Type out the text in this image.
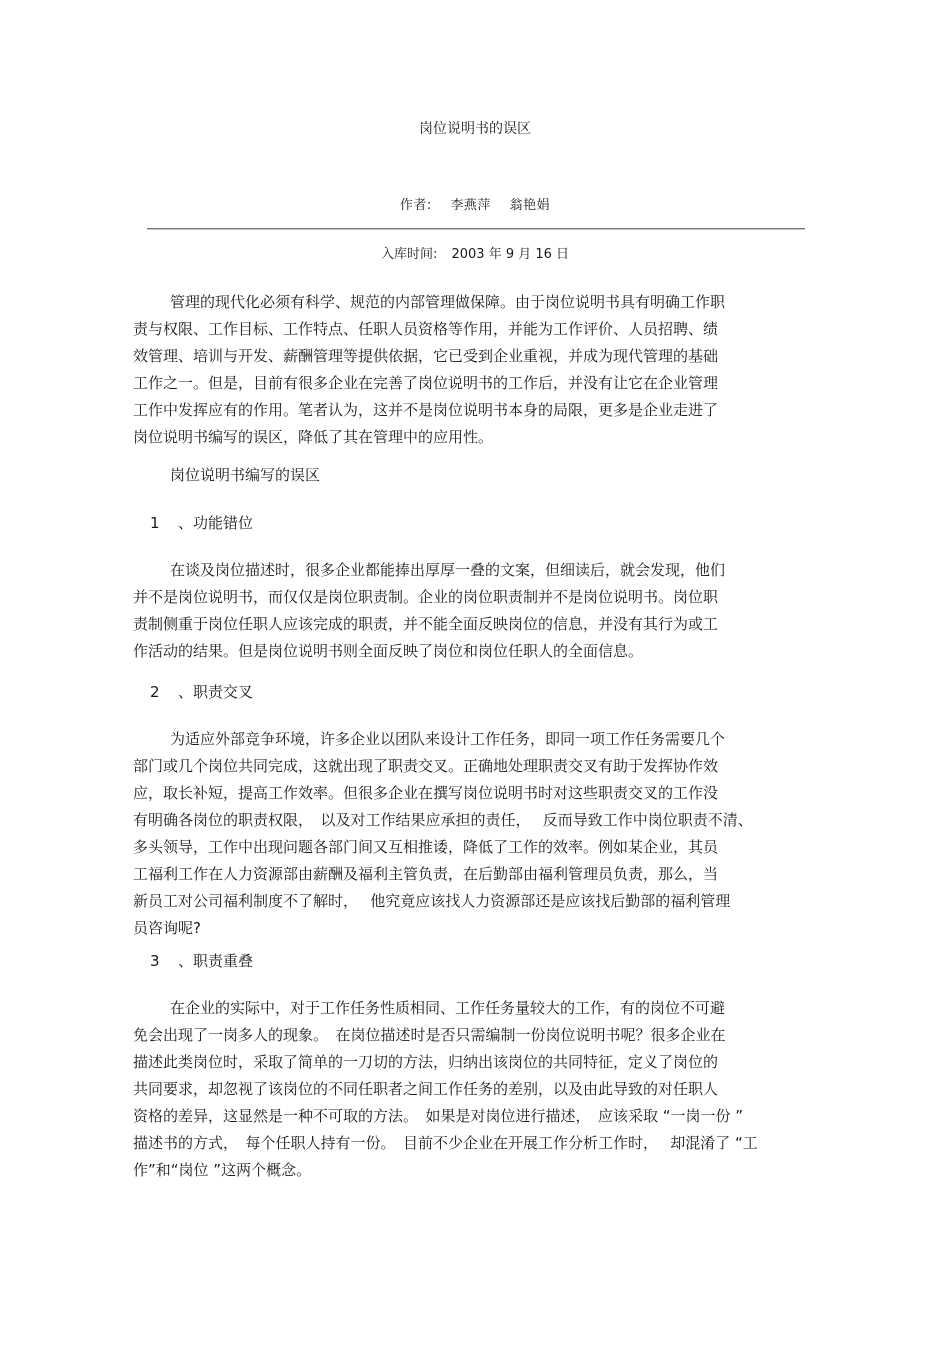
岗位说明书的误区
作者: 李燕萍 翁艳娟
入库时间: 2003 年 9 月 16 日

管理的现代化必须有科学、规范的内部管理做保障。由于岗位说明书具有明确工作职
责与权限、工作目标、工作特点、任职人员资格等作用，并能为工作评价、人员招聘、绩
效管理、培训与开发、薪酬管理等提供依据，它已受到企业重视，并成为现代管理的基础
工作之一。但是，目前有很多企业在完善了岗位说明书的工作后，并没有让它在企业管理
工作中发挥应有的作用。笔者认为，这并不是岗位说明书本身的局限，更多是企业走进了
岗位说明书编写的误区，降低了其在管理中的应用性。

岗位说明书编写的误区
1 、功能错位

在谈及岗位描述时，很多企业都能捧出厚厚一叠的文案，但细读后，就会发现，他们
并不是岗位说明书，而仅仅是岗位职责制。企业的岗位职责制并不是岗位说明书。岗位职
责制侧重于岗位任职人应该完成的职责，并不能全面反映岗位的信息，并没有其行为或工
作活动的结果。但是岗位说明书则全面反映了岗位和岗位任职人的全面信息。

2 、职责交叉

为适应外部竞争环境，许多企业以团队来设计工作任务，即同一项工作任务需要几个
部门或几个岗位共同完成，这就出现了职责交叉。正确地处理职责交叉有助于发挥协作效
应，取长补短，提高工作效率。但很多企业在撰写岗位说明书时对这些职责交叉的工作没
有明确各岗位的职责权限，　以及对工作结果应承担的责任，　 反而导致工作中岗位职责不清、
多头领导，工作中出现问题各部门间又互相推诿，降低了工作的效率。例如某企业，其员
工福利工作在人力资源部由薪酬及福利主管负责，在后勤部由福利管理员负责，那么，当
新员工对公司福利制度不了解时，　 他究竟应该找人力资源部还是应该找后勤部的福利管理
员咨询呢?

3 、职责重叠

在企业的实际中，对于工作任务性质相同、工作任务量较大的工作，有的岗位不可避
免会出现了一岗多人的现象。　在岗位描述时是否只需编制一份岗位说明书呢？很多企业在
描述此类岗位时，采取了简单的一刀切的方法，归纳出该岗位的共同特征，定义了岗位的
共同要求，却忽视了该岗位的不同任职者之间工作任务的差别，以及由此导致的对任职人
资格的差异，这显然是一种不可取的方法。　如果是对岗位进行描述，　应该采取 “一岗一份 ”
描述书的方式，　每个任职人持有一份。　目前不少企业在开展工作分析工作时，　 却混淆了 “工
作”和“岗位 ”这两个概念。
